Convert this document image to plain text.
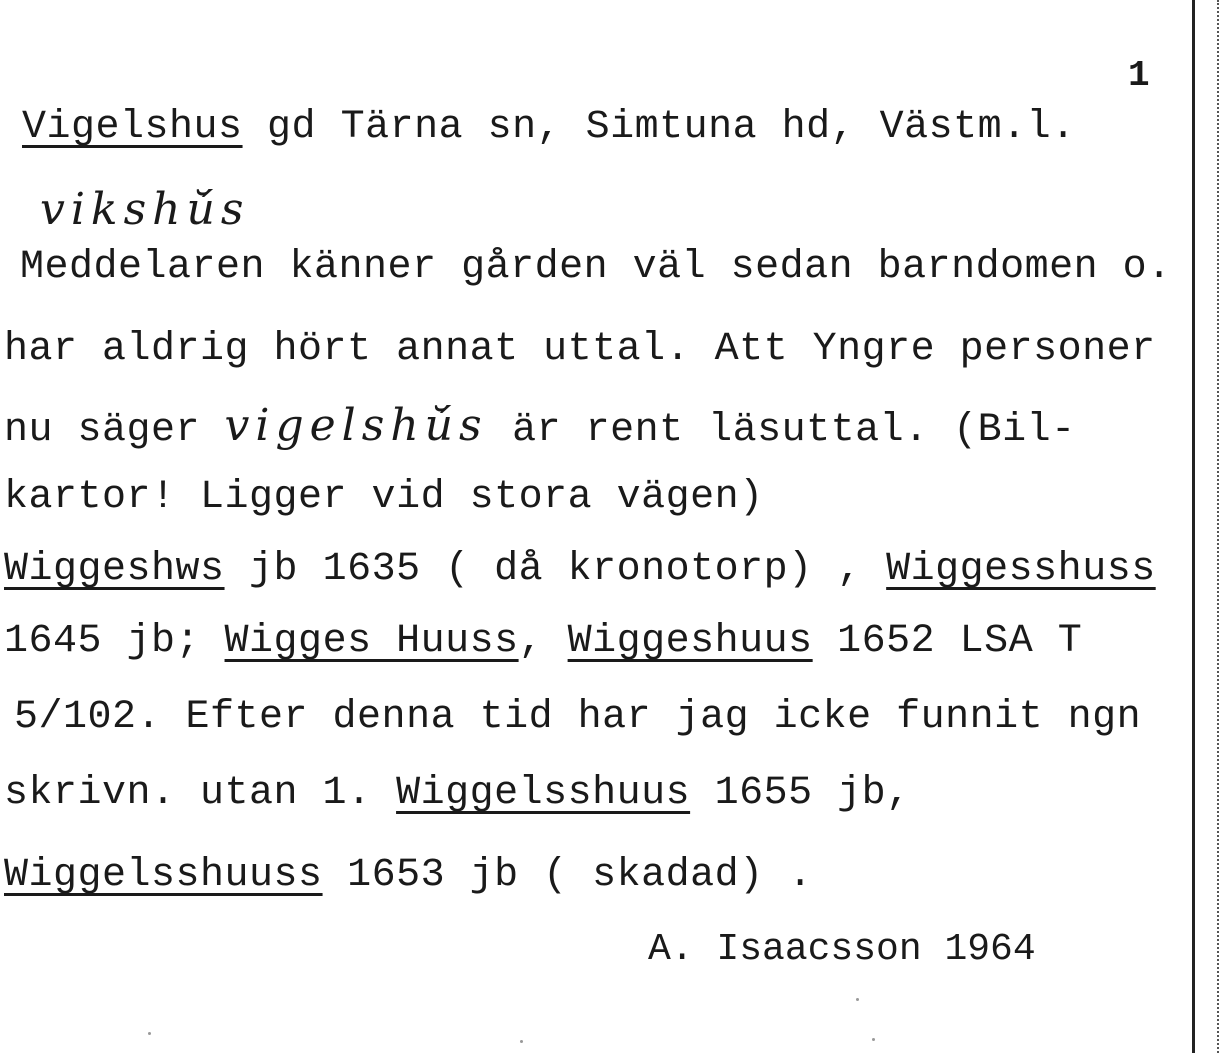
1
Vigelshus gd Tärna sn, Simtuna hd, Västm.l.
vikshŭ́s
Meddelaren känner gården väl sedan barndomen o.
har aldrig hört annat uttal. Att Yngre personer
nu säger vigelshŭ́s är rent läsuttal. (Bil-
kartor! Ligger vid stora vägen)
Wiggeshws jb 1635 ( då kronotorp) , Wiggesshuss
1645 jb; Wigges Huuss, Wiggeshuus 1652 LSA T
5/102. Efter denna tid har jag icke funnit ngn
skrivn. utan 1. Wiggelsshuus 1655 jb,
Wiggelsshuuss 1653 jb ( skadad) .
A. Isaacsson 1964
